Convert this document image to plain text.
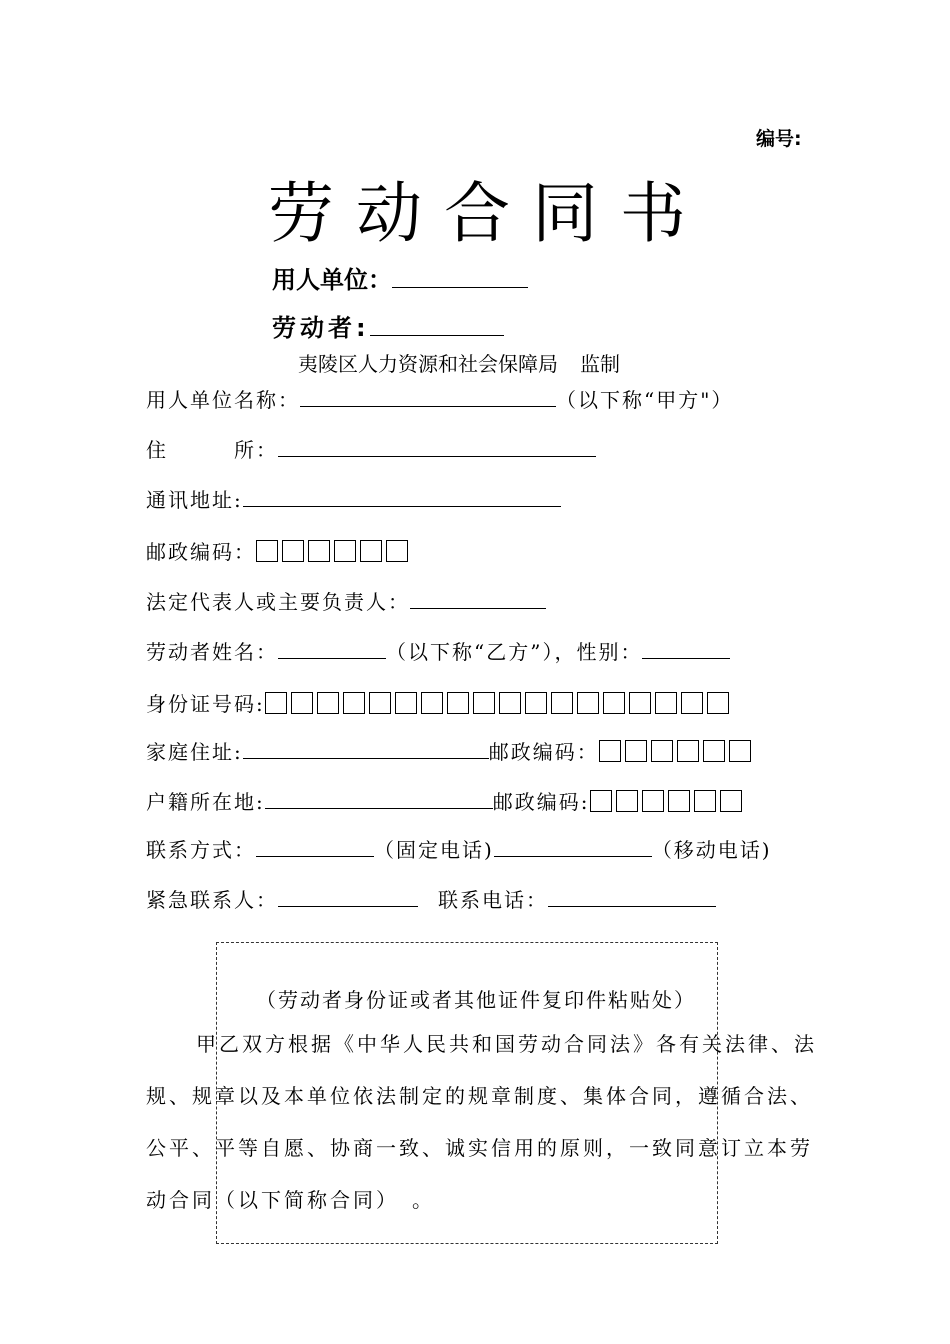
编号:
劳动合同书
用人单位：
劳动者:
夷陵区人力资源和社会保障局 监制
用人单位名称：	（以下称“甲方"）
住　　　所：
通讯地址:
邮政编码：
法定代表人或主要负责人：
劳动者姓名：	（以下称“乙方”），性别：
身份证号码:
家庭住址:	邮政编码：
户籍所在地:	邮政编码:
联系方式：	（固定电话)	（移动电话)
紧急联系人：	联系电话：
（劳动者身份证或者其他证件复印件粘贴处）
甲乙双方根据《中华人民共和国劳动合同法》各有关法律、法
规、规章以及本单位依法制定的规章制度、集体合同，遵循合法、
公平、平等自愿、协商一致、诚实信用的原则，一致同意订立本劳
动合同（以下简称合同）　。
